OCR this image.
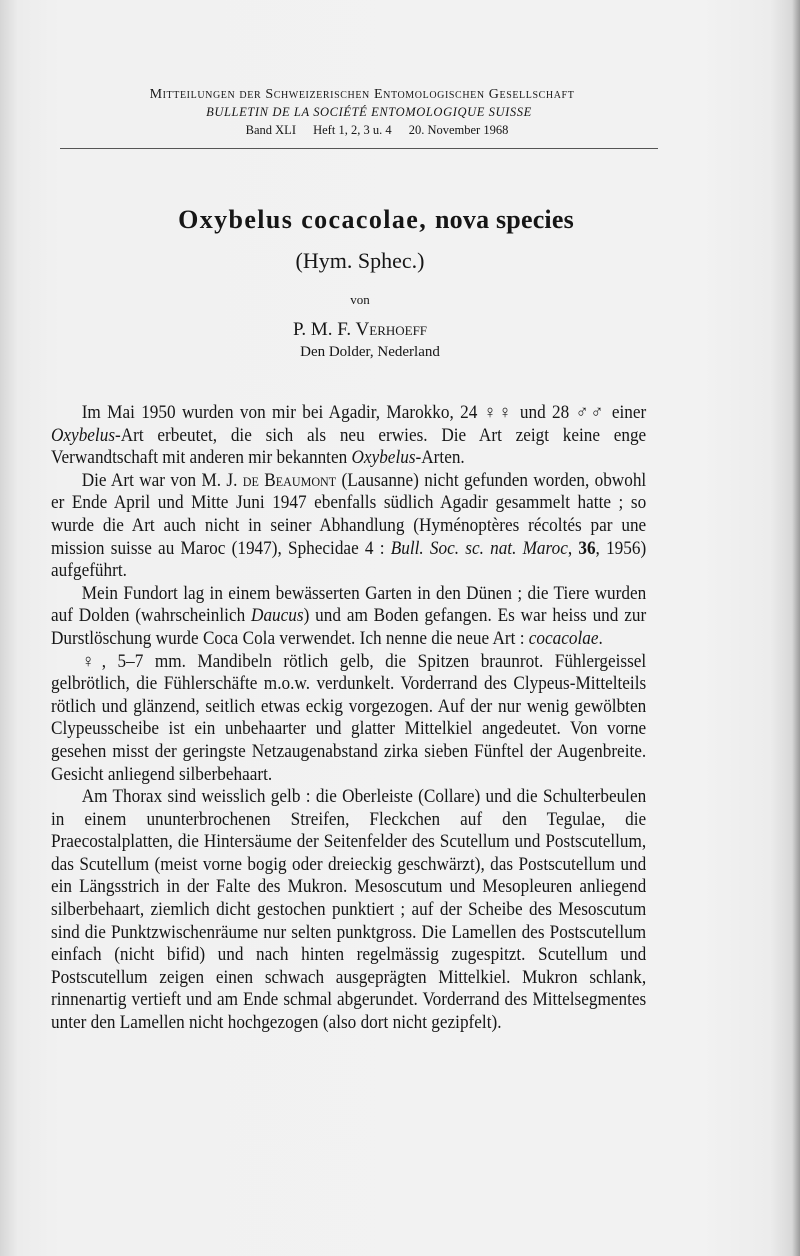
Mitteilungen der Schweizerischen Entomologischen Gesellschaft

BULLETIN DE LA SOCIÉTÉ ENTOMOLOGIQUE SUISSE

Band XLI Heft 1, 2, 3 u. 4 20. November 1968

Oxybelus cocacolae, nova species

(Hym. Sphec.)

von

P. M. F. Verhoeff

Den Dolder, Nederland

Im Mai 1950 wurden von mir bei Agadir, Marokko, 24 ♀♀ und 28 ♂♂ einer Oxybelus-Art erbeutet, die sich als neu erwies. Die Art zeigt keine enge Verwandtschaft mit anderen mir bekannten Oxybelus-Arten.

Die Art war von M. J. de Beaumont (Lausanne) nicht gefunden worden, obwohl er Ende April und Mitte Juni 1947 ebenfalls südlich Agadir gesammelt hatte ; so wurde die Art auch nicht in seiner Abhandlung (Hyménoptères récoltés par une mission suisse au Maroc (1947), Sphecidae 4 : Bull. Soc. sc. nat. Maroc, 36, 1956) aufgeführt.

Mein Fundort lag in einem bewässerten Garten in den Dünen ; die Tiere wurden auf Dolden (wahrscheinlich Daucus) und am Boden gefangen. Es war heiss und zur Durstlöschung wurde Coca Cola verwendet. Ich nenne die neue Art : cocacolae.

♀, 5–7 mm. Mandibeln rötlich gelb, die Spitzen braunrot. Fühlergeissel gelbrötlich, die Fühlerschäfte m.o.w. verdunkelt. Vorderrand des Clypeus-Mittelteils rötlich und glänzend, seitlich etwas eckig vorgezogen. Auf der nur wenig gewölbten Clypeusscheibe ist ein unbehaarter und glatter Mittelkiel angedeutet. Von vorne gesehen misst der geringste Netzaugenabstand zirka sieben Fünftel der Augenbreite. Gesicht anliegend silberbehaart.

Am Thorax sind weisslich gelb : die Oberleiste (Collare) und die Schulterbeulen in einem ununterbrochenen Streifen, Fleckchen auf den Tegulae, die Praecostalplatten, die Hintersäume der Seitenfelder des Scutellum und Postscutellum, das Scutellum (meist vorne bogig oder dreieckig geschwärzt), das Postscutellum und ein Längsstrich in der Falte des Mukron. Mesoscutum und Mesopleuren anliegend silberbehaart, ziemlich dicht gestochen punktiert ; auf der Scheibe des Mesoscutum sind die Punktzwischenräume nur selten punktgross. Die Lamellen des Postscutellum einfach (nicht bifid) und nach hinten regelmässig zugespitzt. Scutellum und Postscutellum zeigen einen schwach ausgeprägten Mittelkiel. Mukron schlank, rinnenartig vertieft und am Ende schmal abgerundet. Vorderrand des Mittelsegmentes unter den Lamellen nicht hochgezogen (also dort nicht gezipfelt).
